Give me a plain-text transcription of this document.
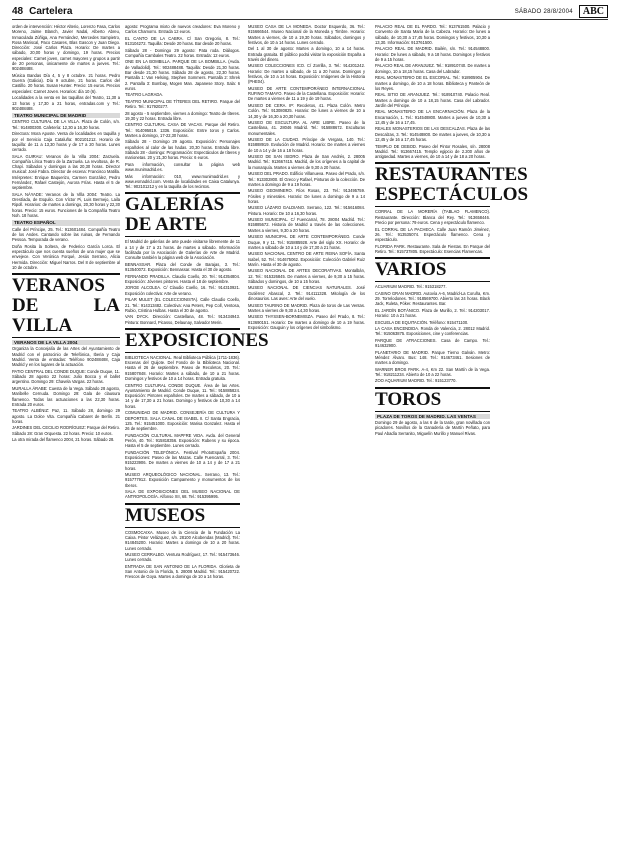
48 Cartelera	SÁBADO 28/8/2004	ABC

orden de intervención: Héctor Alterio, Lorenzo Fasa, Carlos Moreno, Jaime Blanch, Javier Nadal, Alberto Abreu, Inmaculada Zúñiga, Ana Fernández, Mercedes Sampietro, Rosa Mariscal, Paco Casares, Blas Gascon y Juan Diego. Dirección: José Carlos Plaza. Horario: De martes a sábado, 20,00 horas y domingo, 19 horas. Precios especiales: Carnet joven, carnet mayores y grupos a partir de 20 personas, únicamente de martes a jueves. Tel.: 902488488.

Música Bandas Día 4, 5 y 8 octubre. 21 horas. Pedro Guerra (Galicia). Día 9 octubre, 21 horas. Carlos del Castillo. 20 horas. Susan Hunter. Precio: 15 euros. Precios especiales: Carnet Joven. Horarios: día 10 (6).

Localidades a la venta en las taquillas del Teatro, 11,30 a 13 horas y 17,30 a 21 horas, entradas.com y Tel.: 902488488.

TEATRO MUNICIPAL DE MADRID

CENTRO CULTURAL DE LA VILLA. Plaza de Colón, s/n. Tel.: 914800300. Cafetería: 12,30 a 16,30 horas.

Directora: Mora Aposte. Venta de localidades en taquilla y por el Servicio Caja Cataluña: 902101212. Horario de taquilla: de 11 a 13,30 horas y de 17 a 20 horas. Lunes cerrado.

SALA GUIRAU: Veranos de la Villa 2004: Zarzuela. Compañía Lírica Teatro de la Zarzuela. La revoltosa, de R. Chapí. Sábados y domingos a las 20,30 horas. Director musical: José Fabra. Director de escena: Francisco Matilla. Intérpretes: Enrique Baquerizo, Carmen González, Pedro Fernández, Rafael Castejón, Aurora Frías. Hasta el 5 de septiembre.

SALA NÁYADE: Veranos de la Villa 2004: Teatro. La Orestíada, de Esquilo. Con Víctor Pi, Luis Bermejo, Laila Ripoll. Horarios: de martes a domingo, 20,30 horas y 22,30 horas. Precio: 15 euros. Funciones de la Compañía Teatro Noh. 18 horas.

TEATRO ESPAÑOL

Calle del Príncipe, 25. Tel.: 913601484. Compañía Teatro de los Andes. Cantando sobre las ruinas, de Fernando Pessoa. Temporada de verano.

Doña Rosita la Soltera, de Federico García Lorca. El espectáculo que nos cuenta sueños de una mujer que se envejece. Con Verónica Forqué, Jesús Serrano, Alicia Hermida. Dirección: Miguel Narros. Del 8 de septiembre al 10 de octubre.

VERANOS DE LA VILLA
VERANOS DE LA VILLA 2004

Organiza la Concejalía de las Artes del Ayuntamiento de Madrid con el patrocinio de Telefónica, Iberia y Caja Madrid. Venta de entradas: Teléfono 902488488, Caja Madrid y en los lugares de la actuación.

PATIO CENTRAL DEL CONDE DUQUE: Conde Duque, 11. Sábado 28 agosto 22 horas: Julio Bocca y el ballet argentino. Domingo 29: Chavela Vargas. 22 horas.

MURALLA ÁRABE: Cuesta de la Vega. Sábado 28 agosto, Maribelle Cernuda. Domingo 29: Gala de clausura flamenco. Todas las actuaciones a las 22,30 horas. Entrada 20 euros.

TEATRO ALBÉNIZ: Paz, 11. Sábado 28, domingo 29 agosto. La Dolce Vita. Compañía Cabaret de Berlín. 21 horas.

JARDINES DEL CECILIO RODRÍGUEZ: Parque del Retiro. Sábado 28: Gran Orquesta. 22 horas. Precio: 10 euros.

La otra mirada del flamenco 2004, 21 horas. Sábado 28.

agosto: Programa mixto de nuevos creadores: Eva Moreno y Carlos Chamorro. Entrada 12 euros.

EL CANTO DE LA CABRA. C/ San Gregorio, 8. Tel.: 913104272. Taquilla: Desde 20 horas. Bar desde 20 horas.

Sábado 28 - Domingo 29 agosto: Pata roda. Diálogos. Compañía Cambales Teatro. 22 horas. Entrada: 12 euros.

ONE EN LA BOMBILLA. PARQUE DE LA BOMBILLA. (Avda. de Valladolid). Tel.: 902488488. Taquilla: Desde 21,30 horas. Bar desde 21,30 horas. Sábado 28 de agosto, 22,30 horas. Pantalla 1: Van Helsing, Stephen Sommers. Pantalla 2: Shrek 2. Pantalla 3: Bombay, Mogen Man. Japanese Story. Sala: 6 euros.

TEATRO LAGRADA.

TEATRO MUNICIPAL DE TÍTERES DEL RETIRO. Parque del Retiro. Tel.: 917920277.

28 agosto - 5 septiembre, viernes a domingo: Teatro de títeres. 19,30 y 22 horas. Entrada libre.

CENTRO CULTURAL CASA DE VACAS. Parque del Retiro. Tel.: 914095819. 1336. Exposición: Entre toros y Carlos. Martes a domingo, 17-22,30 horas.

Sábado 28 - Domingo 29 agosto. Exposición: Personajes españoles al calor de las hadas. 20,30 horas. Entrada libre. Sábado 28 - domingo: Programación: Espectáculos de títeres y marionetas. 20 y 21,30 horas. Precio: 6 euros.

Para información, consultar la página web www.munimadrid.es.

Más información: 010, www.munimadrid.es y www.esmadrid.com. Venta de localidades en Caixa Catalunya. Tel.: 902101212 y en la taquilla de los recintos.

GALERÍAS DE ARTE

El Madrid de galerías de arte puede visitarse libremente de 11 a 14 y de 17 a 21 horas. de martes a sábado. Información facilitada por la Asociación de Galerías de Arte de Madrid. Consulte también la página web de la Asociación.

BENNASSAR. Plaza del Conde de Barajas, 3. Tel.: 913540072. Exposición: Bennassar. Hasta el 30 de agosto.

FERNANDO PRADILLA. Claudio Coello, 20. Tel.: 914354804. Exposición: Jóvenes pintores. Hasta el 18 de septiembre.

JORGE ALCOLEA. C/ Claudio Coello, 16. Tel.: 914310921. Exposición colectiva: Arte de verano.

PILAR MULET (EL COLECCIONISTA). Calle Claudio Coello, 21. Tel.: 914313482. Colectiva: Ana Peters, Pep Coll, Ventosa, Rubio, Cristina Hulbas. Hasta el 30 de agosto.

VAN DYCK. Dirección: Castellana, 48. Tel.: 913434943. Pintura: Bonnard, Picasso, Delaunay, Salvador Merin.

EXPOSICIONES

BIBLIOTECA NACIONAL. Real Biblioteca Pública (1711-1836). Escenas del Quijote. Del Fondo de la Biblioteca Nacional. Hasta el 26 de septiembre. Paseo de Recoletos, 20. Tel.: 915807848. Horario: Martes a sábado, de 10 a 21 horas. Domingos y festivos de 10 a 14 horas. Entrada gratuita.

CENTRO CULTURAL CONDE DUQUE. Área de las Artes. Ayuntamiento de Madrid. Conde Duque, 11. Tel.: 915885824. Exposición: Pintores españoles. De martes a sábado, de 10 a 14 y de 17,30 a 21 horas. Domingo y festivos de 10,30 a 14 horas.

COMUNIDAD DE MADRID. CONSEJERÍA DE CULTURA Y DEPORTES. SALA CANAL DE ISABEL II. C/ Santa Engracia, 125. Tel.: 915451000. Exposición: Marisa Gonzalez. Hasta el 26 de septiembre.

FUNDACIÓN CULTURAL MAPFRE VIDA. Avda. del General Perón, 40. Tel.: 915818356. Exposición: Rubens y su época. Hasta el 5 de septiembre. Lunes cerrado.

FUNDACIÓN TELEFÓNICA. Festival PhotoEspaña 2004. Exposiciones: Paseo de las Mazas. Calle Fuencarral, 3. Tel.: 915223906. De martes a viernes de 10 a 14 y de 17 a 21 horas.

MUSEO ARQUEOLÓGICO NACIONAL. Serrano, 13. Tel.: 915777912. Exposición Campamento y monumentos de los Iberos.

SALA DE EXPOSICIONES DEL MUSEO NACIONAL DE ANTROPOLOGÍA. Alfonso XII, 68. Tel.: 915395995.

MUSEOS

COSMOCAIXA. Museo de la Ciencia de la Fundación La Caixa. Pintor Velázquez, s/n. 28100 Alcobendas (Madrid). Tel.: 914845200. Horario: Martes a domingo de 10 a 20 horas. Lunes cerrado.

MUSEO CERRALBO. Ventura Rodríguez, 17. Tel.: 915473646. Lunes cerrado.

ENTRADA DE SAN ANTONIO DE LA FLORIDA. Glorieta de San Antonio de la Florida, 5. 28008 Madrid. Tel.: 915420722. Frescos de Goya. Martes a domingo de 10 a 14 horas.

MUSEO CASA DE LA MONEDA. Doctor Esquerdo, 36. Tel.: 915666544. Museo Nacional de la Moneda y Timbre. Horario: Martes a viernes, de 10 a 19,30 horas. Sábados, domingos y festivos, de 10 a 14 horas. Lunes cerrado.

Del 1 al 30 de agosto: Martes a domingo, 10 a 14 horas. Entrada gratuita. El público podrá visitar la exposición España a través del dinero.

MUSEO COLECCIONES ICO. C/ Zorrilla, 3. Tel.: 914201242. Horario: De martes a sábado, de 11 a 20 horas. Domingos y festivos, de 10 a 14 horas. Exposición: Imágenes de la Historia (PHE04).

MUSEO DE ARTE CONTEMPORÁNEO INTERNACIONAL RUFINO TAMAYO. Paseo de la Castellana. Exposición: Horario: De martes a viernes de 11 a 19 y de 19 horas.

MUSEO DE CERA. IP: Recoletos, 41. Plaza Colón. Metro Colón. Tel.: 913080825. Horario: De lunes a viernes de 10 a 14,30 y de 16,30 a 20,30 horas.

MUSEO DE ESCULTURA AL AIRE LIBRE. Paseo de la Castellana, 41. 28046 Madrid. Tel.: 915888672. Esculturas monumentales.

MUSEO DE LA CIUDAD. Príncipe de Vergara, 140. Tel.: 915888919. Evolución de Madrid. Horario: De martes a viernes de 10 a 14 y de 16 a 18 horas.

MUSEO DE SAN ISIDRO. Plaza de San Andrés, 2. 28005 Madrid. Tel.: 913667415. Madrid, de los orígenes a la capital de la monarquía. Martes a viernes de 9,30 a 20 horas.

MUSEO DEL PRADO. Edificio Villanueva. Paseo del Prado, s/n. Tel.: 913302800. El Greco y Rafael, Pinturas de la colección. De martes a domingo de 9 a 19 horas.

MUSEO GEOMINERO. Ríos Rosas, 23. Tel.: 913495759. Fósiles y minerales. Horario: De lunes a domingo de 9 a 14 horas.

MUSEO LÁZARO GALDIANO. Serrano, 122. Tel.: 915616084. Pintura. Horario: De 10 a 16,30 horas.

MUSEO MUNICIPAL. C/ Fuencarral, 78. 28004 Madrid. Tel.: 915885672. Historia de Madrid a través de las colecciones. Martes a viernes, 9,30 a 20 horas.

MUSEO MUNICIPAL DE ARTE CONTEMPORÁNEO. Conde Duque, 9 y 11. Tel.: 915885928. Arte del siglo XX. Horario: de martes a sábado de 10 a 14 y de 17,30 a 21 horas.

MUSEO NACIONAL CENTRO DE ARTE REINA SOFÍA. Santa Isabel, 52. Tel.: 914675062. Exposición: Colección Gabriel Ruiz Marín. Hasta el 30 de agosto.

MUSEO NACIONAL DE ARTES DECORATIVAS. Montalbán, 12. Tel.: 915326845. De martes a viernes, de 9,30 a 15 horas. Sábados y domingos, de 10 a 15 horas.

MUSEO NACIONAL DE CIENCIAS NATURALES. José Gutiérrez Abascal, 2. Tel.: 914111328. Mitología de los dinosaurios. Las aves: Arte del vuelo.

MUSEO TAURINO DE MADRID. Plaza de toros de Las Ventas. Martes a viernes de 9,30 a 14,30 horas.

MUSEO THYSSEN-BORNEMISZA. Paseo del Prado, 8. Tel.: 913690151. Horario: De martes a domingo de 10 a 19 horas. Exposición: Gauguin y los orígenes del simbolismo.

PALACIO REAL DE EL PARDO. Tel.: 913761500. Palacio y Convento de Santa María de la Cabeza. Horario: De lunes a sábado, de 10,30 a 17,45 horas. Domingos y festivos, 10,30 a 13,30. Información: 913761500.

PALACIO REAL DE MADRID. Bailén, s/n. Tel.: 914548800. Horario: De lunes a sábado, 9 a 18 horas. Domingos y festivos de 9 a 15 horas.

PALACIO REAL DE ARANJUEZ. Tel.: 918910740. De martes a domingo, 10 a 18,15 horas. Casa del Labrador.

REAL MONASTERIO DE EL ESCORIAL. Tel.: 918905904. De martes a domingo, de 10 a 18 horas. Biblioteca y Panteón de los Reyes.

REAL SITIO DE ARANJUEZ. Tel.: 918910740. Palacio Real. Martes a domingo de 10 a 18,15 horas. Casa del Labrador. Jardín del Príncipe.

REAL MONASTERIO DE LA ENCARNACIÓN. Plaza de la Encarnación, 1. Tel.: 914548800. Martes a jueves de 10,30 a 12,45 y de 16 a 17,45.

REALES MONASTERIOS DE LAS DESCALZAS. Plaza de las Descalzas, 3. Tel.: 914548800. De martes a jueves, de 10,30 a 12,45 y de 16 a 17,45 horas.

TEMPLO DE DEBOD. Paseo del Pintor Rosales, s/n. 28008 Madrid. Tel.: 913667415. Templo egipcio de 2.200 años de antigüedad. Martes a viernes, de 10 a 14 y de 18 a 20 horas.

RESTAURANTES ESPECTÁCULOS

CORRAL DE LA MORERÍA (TABLAO FLAMENCO). Restaurante. Dirección: Blanca del Rey. Tel.: 913658446. Precio por persona: 79 euros. Cena y espectáculo flamenco.

EL CORRAL DE LA PACHECA. Calle Juan Ramón Jiménez, 26. Tel.: 913535074. Espectáculo flamenco. Cena y espectáculo.

FLORIDA PARK. Restaurante. Sala de Fiestas. En Parque del Retiro. Tel.: 915737805. Espectáculo: Esencias Flamencas.

VARIOS

ACUARIUM MADRID. Tel.: 915318277.

CASINO GRAN MADRID. Autovía A-6, Madrid-La Coruña, Km. 29. Torrelodones. Tel.: 918569700. Abierto las 24 horas. Black Jack, Ruleta, Póker. Restaurantes. Bar.

EL JARDÍN BOTÁNICO. Plaza de Murillo, 2. Tel.: 914203017. Horario: 10 a 21 horas.

ESCUELA DE EQUITACIÓN. Teléfono: 915471100.

LA CASA ENCENDIDA. Ronda de Valencia, 2. 28012 Madrid. Tel.: 915063875. Exposiciones, cine y conferencias.

PARQUE DE ATRACCIONES. Casa de Campo. Tel.: 914632900.

PLANETARIO DE MADRID. Parque Tierno Galván. Metro: Méndez Álvaro. Bus: 148. Tel.: 914673461. Sesiones de martes a domingo.

WARNER BROS PARK. A-4, Km 22. San Martín de la Vega. Tel.: 918211234. Abierto de 10 a 22 horas.

ZOO AQUARIUM MADRID. Tel.: 915123770.

TOROS
PLAZA DE TOROS DE MADRID. LAS VENTAS

Domingo 29 de agosto, a las 6 de la tarde, gran novillada con picadores. Novillos de la Ganadería de Martín Peñato, para Paul Abadía Serranito, Miguelín Murillo y Manuel Rivas.
